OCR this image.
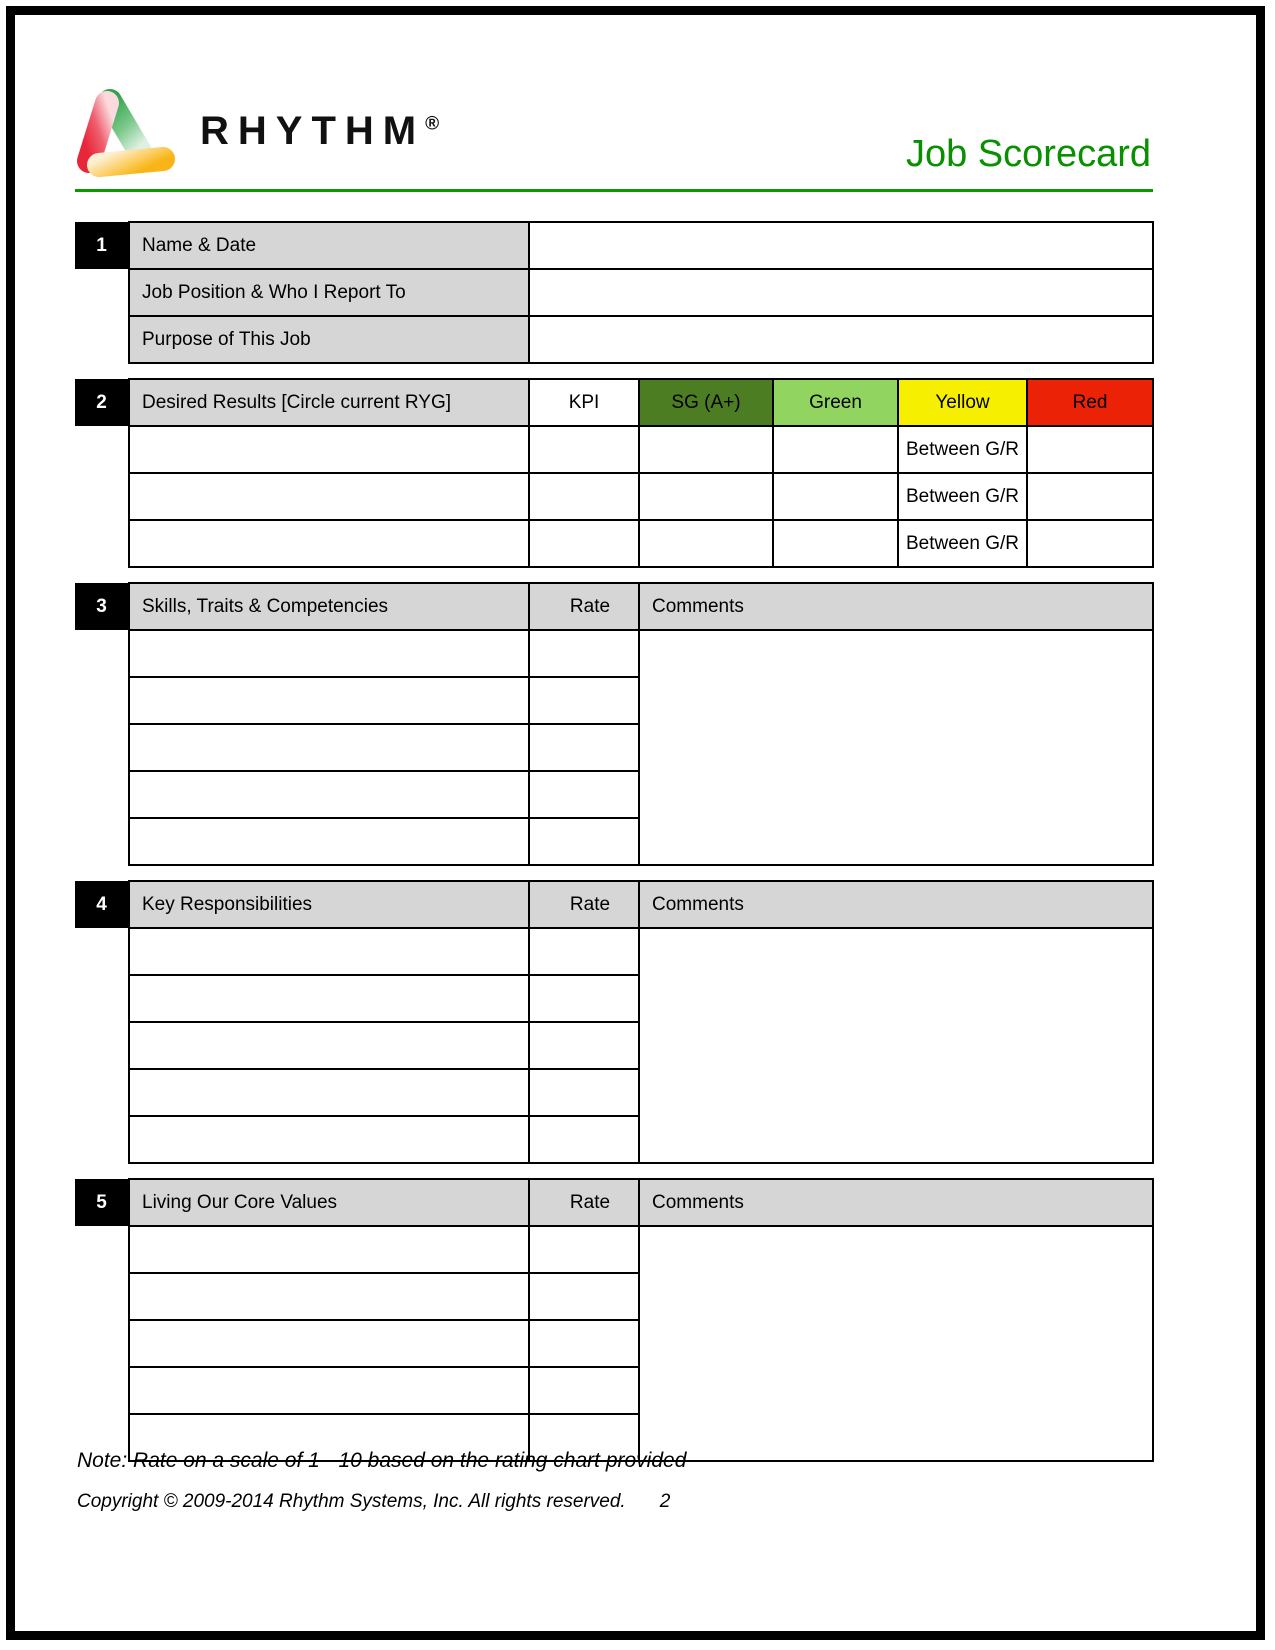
RHYTHM®
Job Scorecard
1	Name & Date	
	Job Position & Who I Report To	
	Purpose of This Job	
2	Desired Results [Circle current RYG]	KPI	SG (A+)	Green	Yellow	Red
					Between G/R	
					Between G/R	
					Between G/R	
3	Skills, Traits & Competencies	Rate	Comments

4	Key Responsibilities	Rate	Comments

5	Living Our Core Values	Rate	Comments

Note: Rate on a scale of 1 - 10 based on the rating chart provided
Copyright © 2009-2014 Rhythm Systems, Inc. All rights reserved. 2
